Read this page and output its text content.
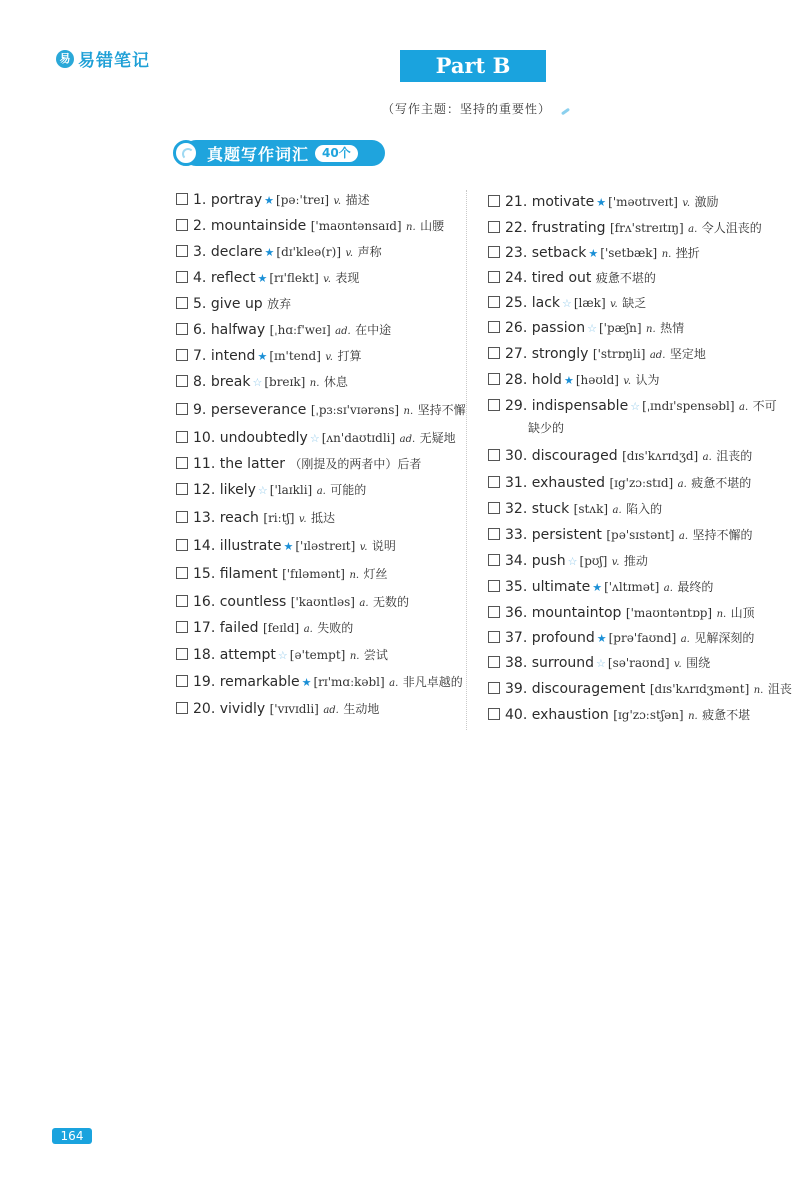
易 易错笔记	Part B
（写作主题：坚持的重要性）
真题写作词汇	40个
1. portray ★ [pəː'treɪ] v. 描述
2. mountainside ['maʊntənsaɪd] n. 山腰
3. declare ★ [dɪ'kleə(r)] v. 声称
4. reflect ★ [rɪ'flekt] v. 表现
5. give up 放弃
6. halfway [ˌhɑːf'weɪ] ad. 在中途
7. intend ★ [ɪn'tend] v. 打算
8. break ☆ [breɪk] n. 休息
9. perseverance [ˌpɜːsɪ'vɪərəns] n. 坚持不懈
10. undoubtedly ☆ [ʌn'daʊtɪdli] ad. 无疑地
11. the latter （刚提及的两者中）后者
12. likely ☆ ['laɪkli] a. 可能的
13. reach [riːtʃ] v. 抵达
14. illustrate ★ ['ɪləstreɪt] v. 说明
15. filament ['fɪləmənt] n. 灯丝
16. countless ['kaʊntləs] a. 无数的
17. failed [feɪld] a. 失败的
18. attempt ☆ [ə'tempt] n. 尝试
19. remarkable ★ [rɪ'mɑːkəbl] a. 非凡卓越的
20. vividly ['vɪvɪdli] ad. 生动地
21. motivate ★ ['məʊtɪveɪt] v. 激励
22. frustrating [frʌ'streɪtɪŋ] a. 令人沮丧的
23. setback ★ ['setbæk] n. 挫折
24. tired out 疲惫不堪的
25. lack ☆ [læk] v. 缺乏
26. passion ☆ ['pæʃn] n. 热情
27. strongly ['strɒŋli] ad. 坚定地
28. hold ★ [həʊld] v. 认为
29. indispensable ☆ [ˌɪndɪ'spensəbl] a. 不可
缺少的
30. discouraged [dɪs'kʌrɪdʒd] a. 沮丧的
31. exhausted [ɪg'zɔːstɪd] a. 疲惫不堪的
32. stuck [stʌk] a. 陷入的
33. persistent [pə'sɪstənt] a. 坚持不懈的
34. push ☆ [pʊʃ] v. 推动
35. ultimate ★ ['ʌltɪmət] a. 最终的
36. mountaintop ['maʊntəntɒp] n. 山顶
37. profound ★ [prə'faʊnd] a. 见解深刻的
38. surround ☆ [sə'raʊnd] v. 围绕
39. discouragement [dɪs'kʌrɪdʒmənt] n. 沮丧
40. exhaustion [ɪg'zɔːstʃən] n. 疲惫不堪
164
